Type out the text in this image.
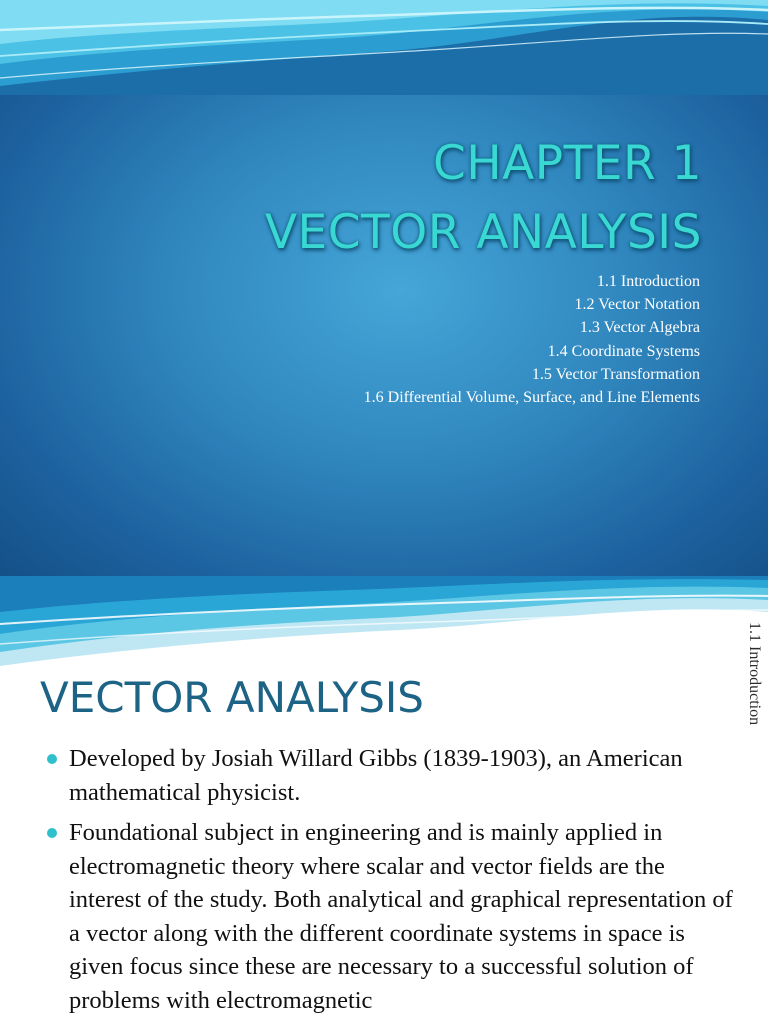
CHAPTER 1
VECTOR ANALYSIS
1.1 Introduction
1.2 Vector Notation
1.3 Vector Algebra
1.4 Coordinate Systems
1.5 Vector Transformation
1.6 Differential Volume, Surface, and Line Elements
1.1 Introduction
VECTOR ANALYSIS
Developed by Josiah Willard Gibbs (1839-1903), an American mathematical physicist.
Foundational subject in engineering and is mainly applied in electromagnetic theory where scalar and vector fields are the interest of the study. Both analytical and graphical representation of a vector along with the different coordinate systems in space is given focus since these are necessary to a successful solution of problems with electromagnetic
